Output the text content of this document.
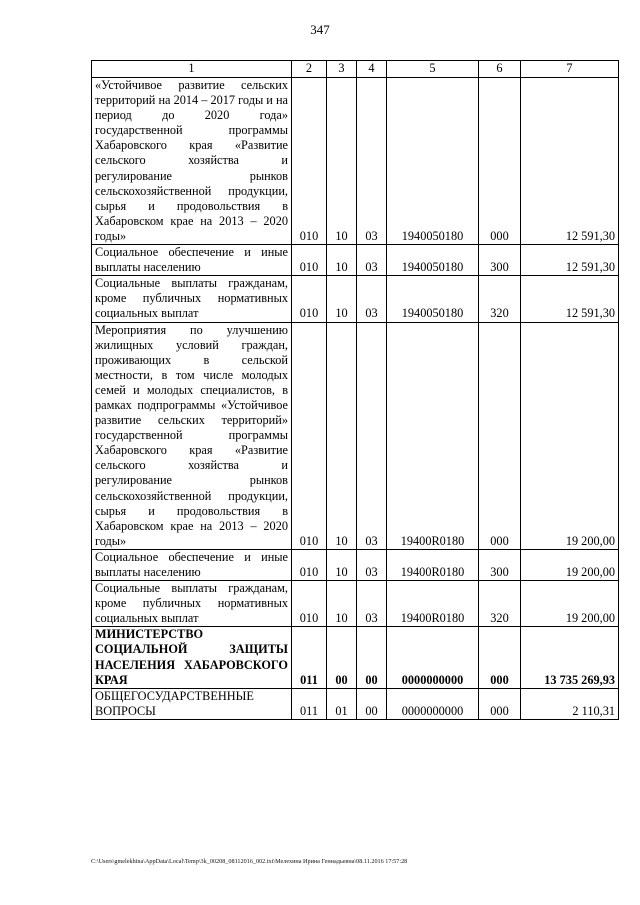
347
1	2	3	4	5	6	7
«Устойчивое развитие сельских территорий на 2014 – 2017 годы и на период до 2020 года» государственной программы Хабаровского края «Развитие сельского хозяйства и регулирование рынков сельскохозяйственной продукции, сырья и продовольствия в Хабаровском крае на 2013 – 2020 годы»	010	10	03	1940050180	000	12 591,30
Социальное обеспечение и иные выплаты населению	010	10	03	1940050180	300	12 591,30
Социальные выплаты гражданам, кроме публичных нормативных социальных выплат	010	10	03	1940050180	320	12 591,30
Мероприятия по улучшению жилищных условий граждан, проживающих в сельской местности, в том числе молодых семей и молодых специалистов, в рамках подпрограммы «Устойчивое развитие сельских территорий» государственной программы Хабаровского края «Развитие сельского хозяйства и регулирование рынков сельскохозяйственной продукции, сырья и продовольствия в Хабаровском крае на 2013 – 2020 годы»	010	10	03	19400R0180	000	19 200,00
Социальное обеспечение и иные выплаты населению	010	10	03	19400R0180	300	19 200,00
Социальные выплаты гражданам, кроме публичных нормативных социальных выплат	010	10	03	19400R0180	320	19 200,00
МИНИСТЕРСТВО СОЦИАЛЬНОЙ ЗАЩИТЫ НАСЕЛЕНИЯ ХАБАРОВСКОГО КРАЯ	011	00	00	0000000000	000	13 735 269,93
ОБЩЕГОСУДАРСТВЕННЫЕ ВОПРОСЫ	011	01	00	0000000000	000	2 110,31
C:\Users\gmelekhina\AppData\Local\Temp\3k_00208_08112016_002.txt\Мелехина Ирина Геннадьевна\08.11.2016 17:57:28
